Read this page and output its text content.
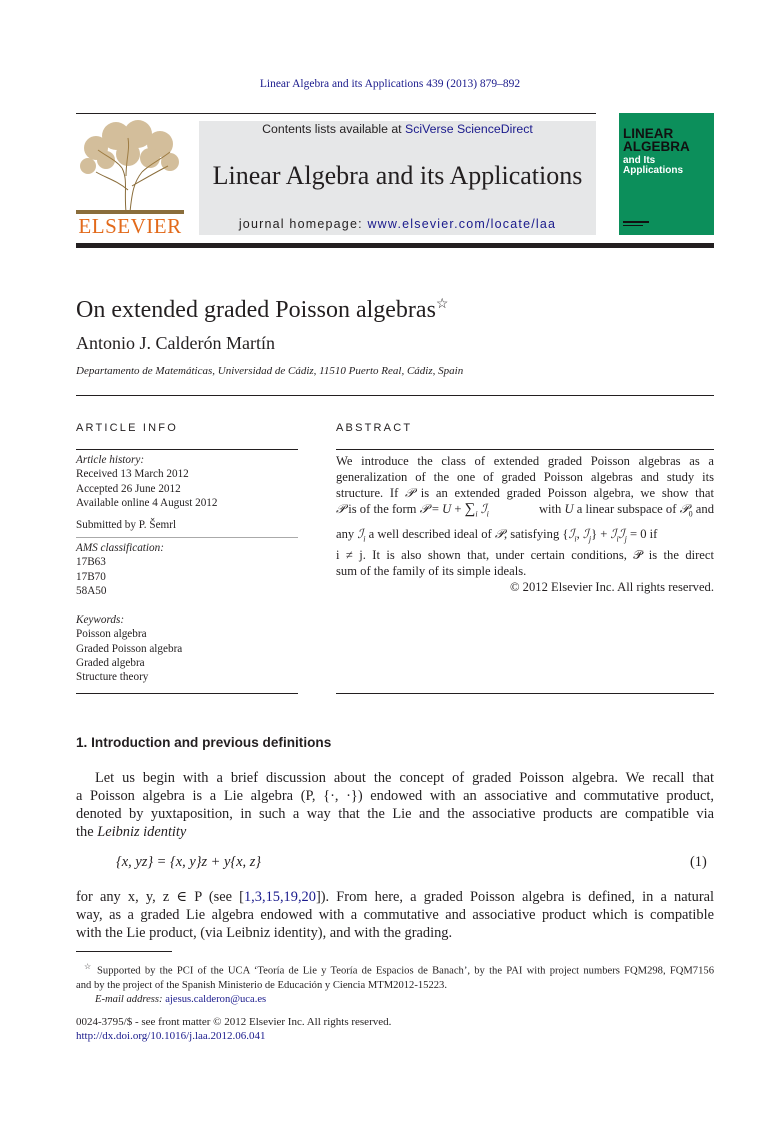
Linear Algebra and its Applications 439 (2013) 879–892
ELSEVIER
Contents lists available at SciVerse ScienceDirect
Linear Algebra and its Applications
journal homepage: www.elsevier.com/locate/laa
LINEAR
ALGEBRA
and Its
Applications
On extended graded Poisson algebras☆
Antonio J. Calderón Martín
Departamento de Matemáticas, Universidad de Cádiz, 11510 Puerto Real, Cádiz, Spain
ARTICLE INFO
Article history:
Received 13 March 2012
Accepted 26 June 2012
Available online 4 August 2012
Submitted by P. Šemrl
AMS classification:
17B63
17B70
58A50
Keywords:
Poisson algebra
Graded Poisson algebra
Graded algebra
Structure theory
ABSTRACT
We introduce the class of extended graded Poisson algebras as a
generalization of the one of graded Poisson algebras and study its
structure. If 𝒫 is an extended graded Poisson algebra, we show that
𝒫 is of the form 𝒫 = $U + \sum_i$ ℐ$_i$	with U a linear subspace of 𝒫$_0$ and
any ℐ$_i$ a well described ideal of 𝒫, satisfying {ℐ$_i$, ℐ$_j$} + ℐ$_i$ℐ$_j$ = 0 if
i ≠ j. It is also shown that, under certain conditions, 𝒫 is the direct
sum of the family of its simple ideals.
© 2012 Elsevier Inc. All rights reserved.
1. Introduction and previous definitions
Let us begin with a brief discussion about the concept of graded Poisson algebra. We recall that
a Poisson algebra is a Lie algebra (P, {·, ·}) endowed with an associative and commutative product,
denoted by yuxtaposition, in such a way that the Lie and the associative products are compatible via
the Leibniz identity
{x, yz} = {x, y}z + y{x, z}	(1)
for any x, y, z ∈ P (see [1,3,15,19,20]). From here, a graded Poisson algebra is defined, in a natural
way, as a graded Lie algebra endowed with a commutative and associative product which is compatible
with the Lie product, (via Leibniz identity), and with the grading.
☆ Supported by the PCI of the UCA ‘Teoría de Lie y Teoría de Espacios de Banach’, by the PAI with project numbers FQM298, FQM7156
and by the project of the Spanish Ministerio de Educación y Ciencia MTM2012-15223.
E-mail address: ajesus.calderon@uca.es
0024-3795/$ - see front matter © 2012 Elsevier Inc. All rights reserved.
http://dx.doi.org/10.1016/j.laa.2012.06.041
